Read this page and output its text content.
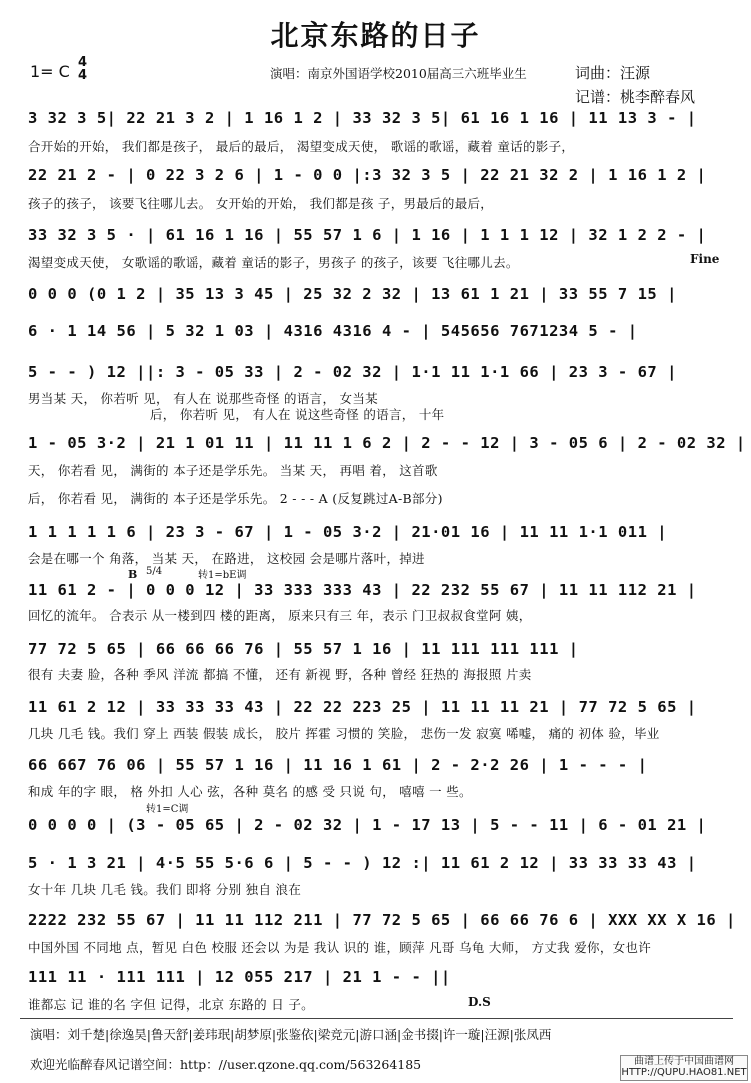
北京东路的日子
1= C 4
4	演唱：南京外国语学校2010届高三六班毕业生	词曲：汪源
记谱：桃李醉春风
3 32 3 5| 22 21 3 2 | 1 16 1 2 | 33 32 3 5| 61 16 1 16 | 11 13 3 - |
合开始的开始， 我们都是孩子， 最后的最后， 渴望变成天使， 歌谣的歌谣，藏着 童话的影子，
22 21 2 - | 0 22 3 2 6 | 1 - 0 0 |:3 32 3 5 | 22 21 32 2 | 1 16 1 2 |
孩子的孩子， 该要飞往哪儿去。 女开始的开始， 我们都是孩 子，男最后的最后，
33 32 3 5 · | 61 16 1 16 | 55 57 1 6 | 1 16 | 1 1 1 12 | 32 1 2 2 - |
渴望变成天使， 女歌谣的歌谣，藏着 童话的影子，男孩子 的孩子，该要 飞往哪儿去。	Fine
0 0 0 (0 1 2 | 35 13 3 45 | 25 32 2 32 | 13 61 1 21 | 33 55 7 15 |
6 · 1 14 56 | 5 32 1 03 | 4316 4316 4 - | 545656 7671234 5 - |
5 - - ) 12 ||: 3 - 05 33 | 2 - 02 32 | 1·1 11 1·1 66 | 23 3 - 67 |
男当某 天， 你若听 见， 有人在 说那些奇怪 的语言， 女当某
后， 你若听 见， 有人在 说这些奇怪 的语言， 十年
1 - 05 3·2 | 21 1 01 11 | 11 11 1 6 2 | 2 - - 12 | 3 - 05 6 | 2 - 02 32 |
天， 你若看 见， 满街的 本子还是学乐先。 当某 天， 再唱 着， 这首歌
后， 你若看 见， 满街的 本子还是学乐先。 2 - - - A (反复跳过A-B部分)
1 1 1 1 1 6 | 23 3 - 67 | 1 - 05 3·2 | 21·01 16 | 11 11 1·1 011 |
会是在哪一个 角落， 当某 天， 在路进， 这校园 会是哪片落叶，掉进
B 5/4	转1=bE调
11 61 2 - | 0 0 0 12 | 33 333 333 43 | 22 232 55 67 | 11 11 112 21 |
回忆的流年。 合表示 从一楼到四 楼的距离， 原来只有三 年，表示 门卫叔叔食堂阿 姨，
77 72 5 65 | 66 66 66 76 | 55 57 1 16 | 11 111 111 111 |
很有 夫妻 脸，各种 季风 洋流 都搞 不懂， 还有 新视 野，各种 曾经 狂热的 海报照 片卖
11 61 2 12 | 33 33 33 43 | 22 22 223 25 | 11 11 11 21 | 77 72 5 65 |
几块 几毛 钱。我们 穿上 西装 假装 成长， 胶片 挥霍 习惯的 笑脸， 悲伤一发 寂寞 唏嘘， 痛的 初体 验，毕业
66 667 76 06 | 55 57 1 16 | 11 16 1 61 | 2 - 2·2 26 | 1 - - - |
和成 年的字 眼， 格 外扣 人心 弦，各种 莫名 的感 受 只说 句， 嘻嘻 一 些。
转1=C调
0 0 0 0 | (3 - 05 65 | 2 - 02 32 | 1 - 17 13 | 5 - - 11 | 6 - 01 21 |
5 · 1 3 21 | 4·5 55 5·6 6 | 5 - - ) 12 :| 11 61 2 12 | 33 33 33 43 |
女十年 几块 几毛 钱。我们 即将 分别 独自 浪在
2222 232 55 67 | 11 11 112 211 | 77 72 5 65 | 66 66 76 6 | XXX XX X 16 |
中国外国 不同地 点，暂见 白色 校服 还会以 为是 我认 识的 谁，顾萍 凡哥 乌龟 大师， 方丈我 爱你，女也许
111 11 · 111 111 | 12 055 217 | 21 1 - - ||
谁都忘 记 谁的名 字但 记得，北京 东路的 日 子。	D.S
演唱：刘千楚|徐逸昊|鲁天舒|姜玮珉|胡梦原|张鉴依|梁竞元|游口涵|金书掇|许一璇|汪源|张凤西
欢迎光临醉春风记谱空间：http：//user.qzone.qq.com/563264185	曲谱上传于中国曲谱网
HTTP://QUPU.HAO81.NET
